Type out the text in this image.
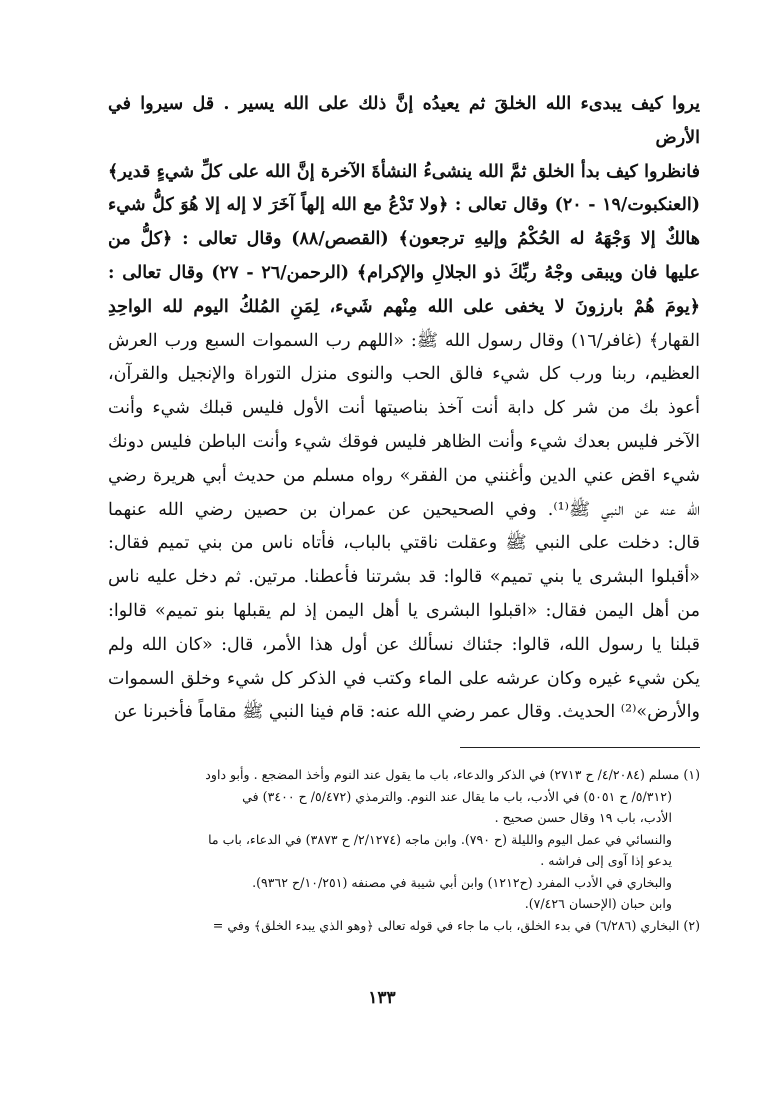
يروا كيف يبدىء الله الخلقَ ثم يعيدُه إنَّ ذلك على الله يسير . قل سيروا في الأرض

فانظروا كيف بدأ الخلق ثمَّ الله ينشىءُ النشأةَ الآخرة إنَّ الله على كلِّ شيءٍ قدير﴾

(العنكبوت/١٩ - ٢٠) وقال تعالى : ﴿ولا تَدْعُ مع الله إلهاً آخَرَ لا إله إلا هُوَ كلُّ شيء

هالكٌ إلا وَجْهَهُ له الحُكْمُ وإليهِ ترجعون﴾ (القصص/٨٨) وقال تعالى : ﴿كلُّ من

عليها فان ويبقى وجْهُ ربِّكَ ذو الجلالِ والإكرام﴾ (الرحمن/٢٦ - ٢٧) وقال تعالى :

﴿يومَ هُمْ بارزونَ لا يخفى على الله مِنْهم شَيء، لِمَنِ المُلكُ اليوم لله الواحِدِ

القهار﴾ (غافر/١٦) وقال رسول الله ﷺ: «اللهم رب السموات السبع ورب العرش

العظيم، ربنا ورب كل شيء فالق الحب والنوى منزل التوراة والإنجيل والقرآن،

أعوذ بك من شر كل دابة أنت آخذ بناصيتها أنت الأول فليس قبلك شيء وأنت

الآخر فليس بعدك شيء وأنت الظاهر فليس فوقك شيء وأنت الباطن فليس دونك

شيء اقض عني الدين وأغنني من الفقر» رواه مسلم من حديث أبي هريرة رضي

الله عنه عن النبي ﷺ⁽¹⁾. وفي الصحيحين عن عمران بن حصين رضي الله عنهما

قال: دخلت على النبي ﷺ وعقلت ناقتي بالباب، فأتاه ناس من بني تميم فقال:

«أقبلوا البشرى يا بني تميم» قالوا: قد بشرتنا فأعطنا. مرتين. ثم دخل عليه ناس

من أهل اليمن فقال: «اقبلوا البشرى يا أهل اليمن إذ لم يقبلها بنو تميم» قالوا:

قبلنا يا رسول الله، قالوا: جئناك نسألك عن أول هذا الأمر، قال: «كان الله ولم

يكن شيء غيره وكان عرشه على الماء وكتب في الذكر كل شيء وخلق السموات

والأرض»⁽²⁾ الحديث. وقال عمر رضي الله عنه: قام فينا النبي ﷺ مقاماً فأخبرنا عن

(١) مسلم (٤/٢٠٨٤/ ح ٢٧١٣) في الذكر والدعاء، باب ما يقول عند النوم وأخذ المضجع . وأبو داود

(٥/٣١٢/ ح ٥٠٥١) في الأدب، باب ما يقال عند النوم. والترمذي (٥/٤٧٢/ ح ٣٤٠٠) في

الأدب، باب ١٩ وقال حسن صحيح .

والنسائي في عمل اليوم والليلة (ح ٧٩٠). وابن ماجه (٢/١٢٧٤/ ح ٣٨٧٣) في الدعاء، باب ما

يدعو إذا آوى إلى فراشه .

والبخاري في الأدب المفرد (ح١٢١٢) وابن أبي شيبة في مصنفه (١٠/٢٥١/ح ٩٣٦٢).

وابن حبان (الإحسان ٧/٤٢٦).

(٢) البخاري (٦/٢٨٦) في بدء الخلق، باب ما جاء في قوله تعالى ﴿وهو الذي يبدء الخلق﴾ وفي =

١٣٣
